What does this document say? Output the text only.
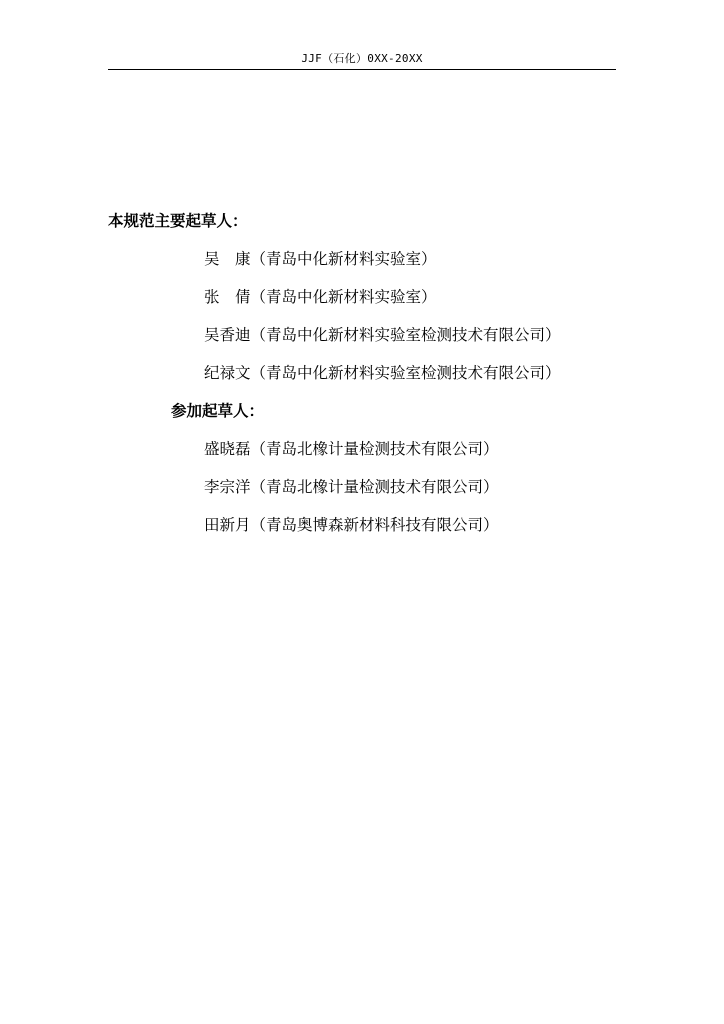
JJF（石化）0XX-20XX
本规范主要起草人：
吴　康（青岛中化新材料实验室）
张　倩（青岛中化新材料实验室）
吴香迪（青岛中化新材料实验室检测技术有限公司）
纪禄文（青岛中化新材料实验室检测技术有限公司）
参加起草人：
盛晓磊（青岛北橡计量检测技术有限公司）
李宗洋（青岛北橡计量检测技术有限公司）
田新月（青岛奥博森新材料科技有限公司）
